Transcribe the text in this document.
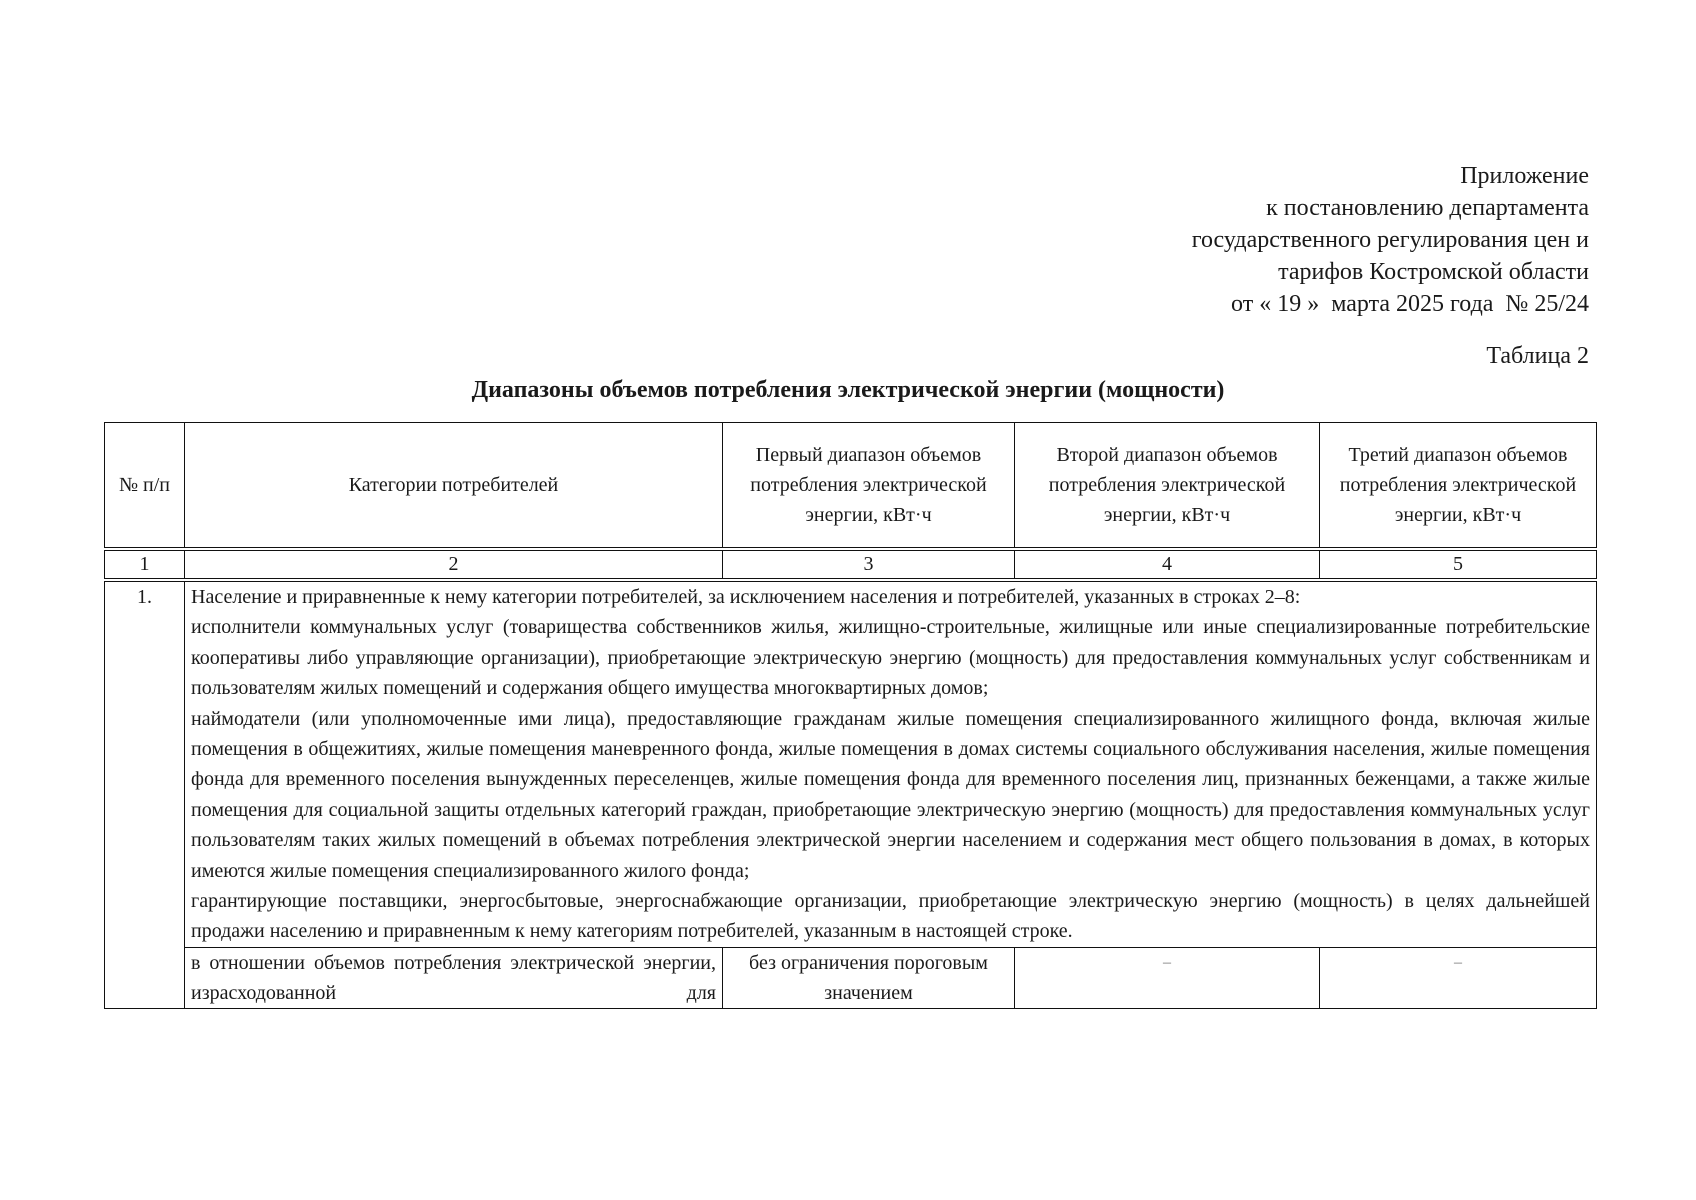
Приложение
к постановлению департамента
государственного регулирования цен и
тарифов Костромской области
от « 19 »  марта 2025 года  № 25/24
Таблица 2
Диапазоны объемов потребления электрической энергии (мощности)
№ п/п	Категории потребителей	Первый диапазон объемов потребления электрической энергии, кВт·ч	Второй диапазон объемов потребления электрической энергии, кВт·ч	Третий диапазон объемов потребления электрической энергии, кВт·ч
1	2	3	4	5
1.	Население и приравненные к нему категории потребителей, за исключением населения и потребителей, указанных в строках 2–8:

исполнители коммунальных услуг (товарищества собственников жилья, жилищно-строительные, жилищные или иные специализированные потребительские кооперативы либо управляющие организации), приобретающие электрическую энергию (мощность) для предоставления коммунальных услуг собственникам и пользователям жилых помещений и содержания общего имущества многоквартирных домов;

наймодатели (или уполномоченные ими лица), предоставляющие гражданам жилые помещения специализированного жилищного фонда, включая жилые помещения в общежитиях, жилые помещения маневренного фонда, жилые помещения в домах системы социального обслуживания населения, жилые помещения фонда для временного поселения вынужденных переселенцев, жилые помещения фонда для временного поселения лиц, признанных беженцами, а также жилые помещения для социальной защиты отдельных категорий граждан, приобретающие электрическую энергию (мощность) для предоставления коммунальных услуг пользователям таких жилых помещений в объемах потребления электрической энергии населением и содержания мест общего пользования в домах, в которых имеются жилые помещения специализированного жилого фонда;

гарантирующие поставщики, энергосбытовые, энергоснабжающие организации, приобретающие электрическую энергию (мощность) в целях дальнейшей продажи населению и приравненным к нему категориям потребителей, указанным в настоящей строке.			

	в отношении объемов потребления электрической энергии, израсходованной для	без ограничения пороговым значением	–	–
